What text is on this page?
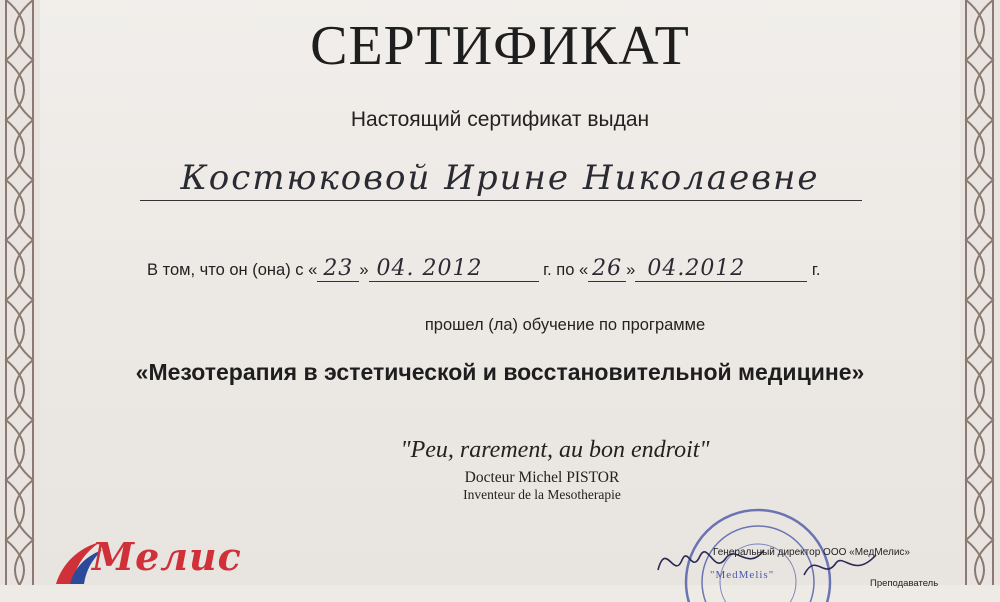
СЕРТИФИКАТ
Настоящий сертификат выдан
Костюковой Ирине Николаевне
В том, что он (она) с « 23 » 04. 2012	г. по « 26 » 04.2012	г.
прошел (ла) обучение по программе
«Мезотерапия в эстетической и восстановительной медицине»
"Peu, rarement, au bon endroit"
Docteur Michel PISTOR
Inventeur de la Mesotherapie
Мелис	"MedMelis"
Генеральный директор ООО «МедМелис»
Преподаватель
